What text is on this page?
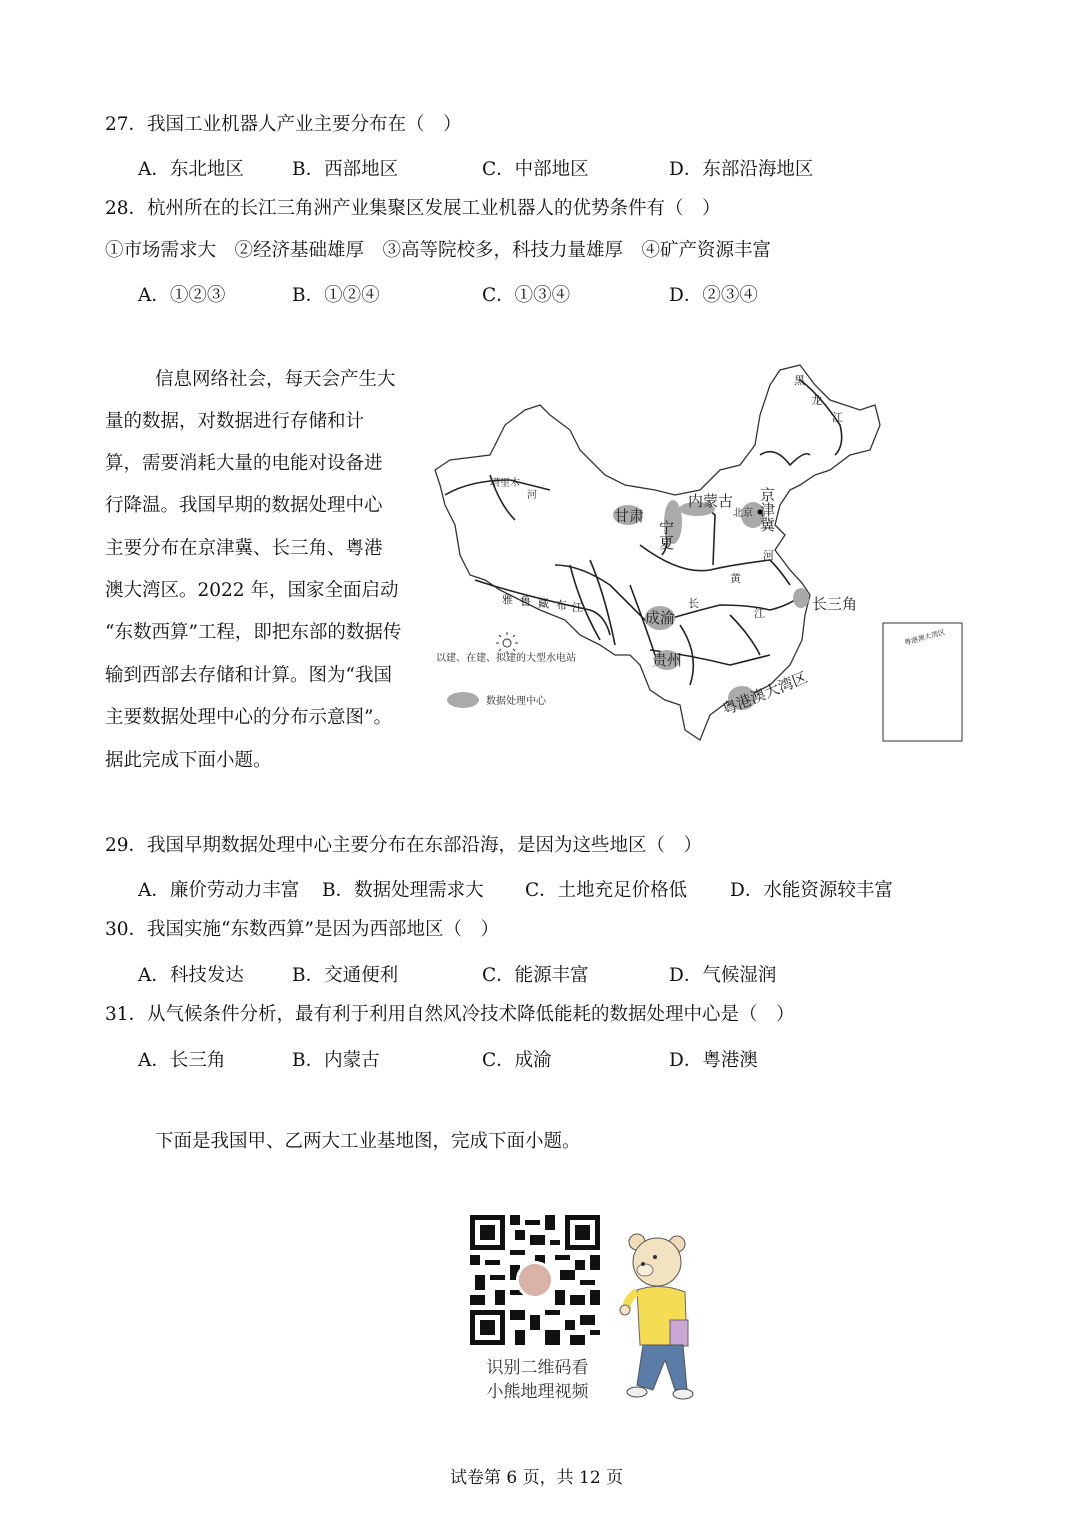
27．我国工业机器人产业主要分布在（　）
A．东北地区	B．西部地区	C．中部地区	D．东部沿海地区
28．杭州所在的长江三角洲产业集聚区发展工业机器人的优势条件有（　）
①市场需求大　②经济基础雄厚　③高等院校多，科技力量雄厚　④矿产资源丰富
A．①②③	B．①②④	C．①③④	D．②③④
信息网络社会，每天会产生大
量的数据，对数据进行存储和计
算，需要消耗大量的电能对设备进
行降温。我国早期的数据处理中心
主要分布在京津冀、长三角、粤港
澳大湾区。2022 年，国家全面启动
“东数西算”工程，即把东部的数据传
输到西部去存储和计算。图为“我国
主要数据处理中心的分布示意图”。
据此完成下面小题。
黑
龙
江
塔里木
河
雅 鲁 藏 布 江
黄
河
长
江
甘肃
宁夏
内蒙古
北京 京津冀
长三角
成渝
贵州
粤港澳大湾区
以建、在建、拟建的大型水电站
数据处理中心
粤港澳大湾区
29．我国早期数据处理中心主要分布在东部沿海，是因为这些地区（　）
A．廉价劳动力丰富 B．数据处理需求大 C．土地充足价格低 D．水能资源较丰富
30．我国实施“东数西算”是因为西部地区（　）
A．科技发达	B．交通便利	C．能源丰富	D．气候湿润
31．从气候条件分析，最有利于利用自然风冷技术降低能耗的数据处理中心是（　）
A．长三角	B．内蒙古	C．成渝	D．粤港澳
下面是我国甲、乙两大工业基地图，完成下面小题。
识别二维码看
小熊地理视频
试卷第 6 页，共 12 页
